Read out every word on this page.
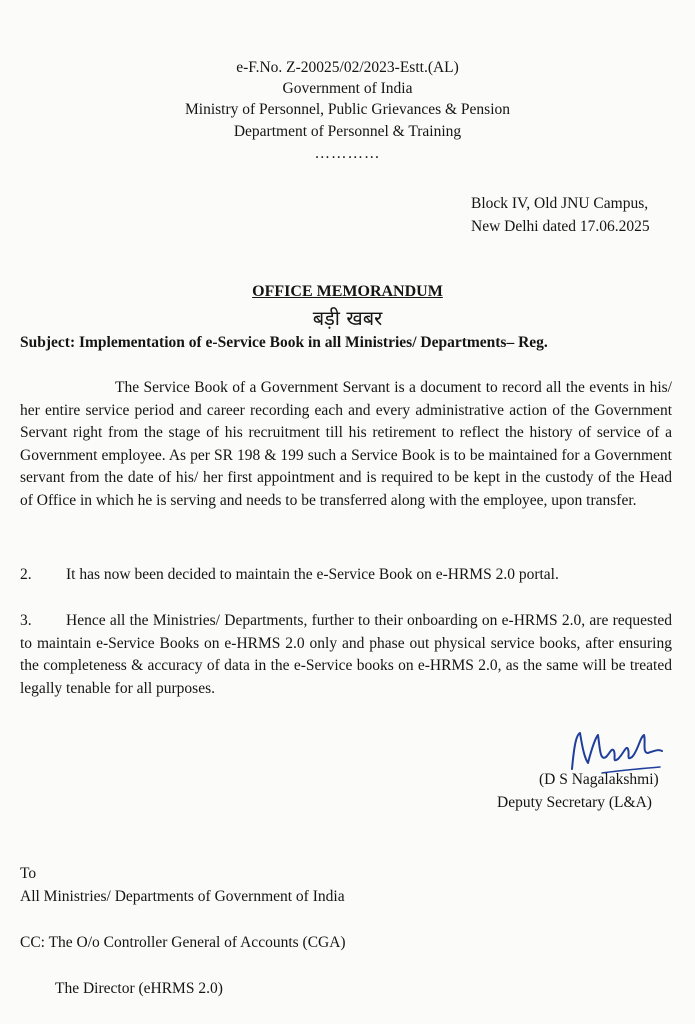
e-F.No. Z-20025/02/2023-Estt.(AL)
Government of India
Ministry of Personnel, Public Grievances & Pension
Department of Personnel & Training
…………
Block IV, Old JNU Campus,
New Delhi dated 17.06.2025
OFFICE MEMORANDUM
बड़ी खबर
Subject: Implementation of e-Service Book in all Ministries/ Departments– Reg.
The Service Book of a Government Servant is a document to record all the events in his/ her entire service period and career recording each and every administrative action of the Government Servant right from the stage of his recruitment till his retirement to reflect the history of service of a Government employee. As per SR 198 & 199 such a Service Book is to be maintained for a Government servant from the date of his/ her first appointment and is required to be kept in the custody of the Head of Office in which he is serving and needs to be transferred along with the employee, upon transfer.
2. It has now been decided to maintain the e-Service Book on e-HRMS 2.0 portal.
3. Hence all the Ministries/ Departments, further to their onboarding on e-HRMS 2.0, are requested to maintain e-Service Books on e-HRMS 2.0 only and phase out physical service books, after ensuring the completeness & accuracy of data in the e-Service books on e-HRMS 2.0, as the same will be treated legally tenable for all purposes.
(D S Nagalakshmi)
Deputy Secretary (L&A)
To
All Ministries/ Departments of Government of India
CC: The O/o Controller General of Accounts (CGA)
The Director (eHRMS 2.0)
